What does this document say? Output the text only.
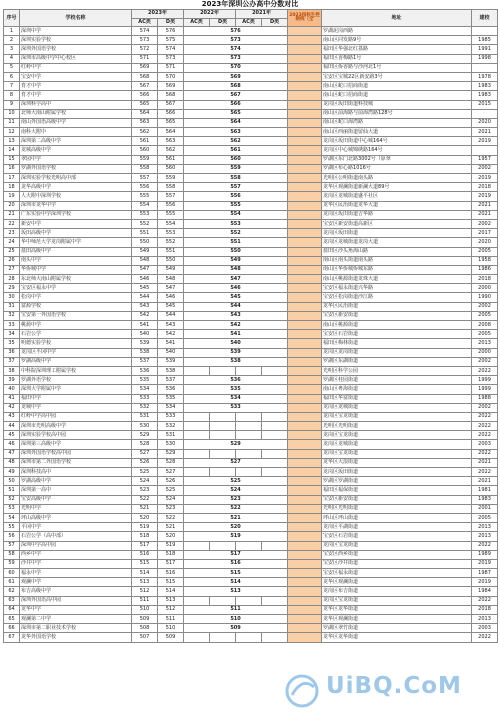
2023年深圳公办高中分数对比
序号	学校名称	2023年		2022年		2021年		2023指标生控制线（全	地址	建校
		AC类	D类	AC类	D类	AC类	D类			
1	深圳中学	574	576	576					罗湖泥岗西路	
2	深圳实验学校	573	575	573					南山区同发路9号	1985
3	深圳外国语学校	572	574	574					福田区华强北红荔路	1991
4	深圳市高级中学中心校区	571	573	573					福田区香梅路1号	1998
5	红岭中学	569	571	570					福田区侨香路与沙河北1号	
6	宝安中学	568	570	569					宝安区宝城22区新安路3号	1978
7	育才中学	567	569	568					南山区蛇口招商街道	1983
8	育才中学	566	568	567					南山区蛇口招商街道	1983
9	深圳科学高中	565	567	566					龙岗区坂田街道科技城	2015
10	北师大南山附属学校	564	566	565					南山区前海路与前海湾路128号	
11	南山外国语高级中学	563	565	564					南山区蛇口海湾路	2020
12	南科大附中	562	564	563					南山区西丽街道留仙大道	2021
13	深圳第二高级中学	561	563	562					龙岗区坂田街道中心城164号	2019
14	龙城高级中学	560	562	561					龙岗区中心城锦绣路164号	
15	翠园中学	559	561	560					罗湖区东门北路3002号（原翠	1957
16	罗湖外国语学校	558	560	559					罗湖区布心路1016号	2002
17	深圳实验学校光明高中部	557	559	558					光明区公明街道南头路	2019
18	龙华高级中学	556	558	557					龙华区观澜街道新澜大道89号	2018
19	人大附中深圳学校	555	557	556					龙岗区龙城街道盛平社区	2019
20	深圳市龙华中学	554	556	555					龙华区民治街道龙华大道	2021
21	广东实验中学深圳学校	553	555	554					龙岗区坂田街道吉华路	2021
22	新安中学	552	554	553					宝安区新安街道高新区	2002
23	坂田高级中学	551	553	552					龙岗区坂田街道	2017
24	华中师范大学龙岗附属中学	550	552	551					龙岗区龙城街道龙岗大道	2020
25	盐田高级中学	549	551	550					盐田区沙头角海山路	2005
26	南头中学	548	550	549					南山区南头街道南头路	1958
27	华侨城中学	547	549	548					南山区华侨城侨城东路	1986
28	东北师大南山附属学校	546	548	547					南山区桃源街道龙珠大道	2018
29	宝安区福永中学	545	547	546					宝安区福永街道兴华路	2000
30	松岗中学	544	546	545					宝安区松岗街道沙江路	1990
31	富源学校	543	545	544					龙华区民治街道	2002
32	宝安第一外国语学校	542	544	543					宝安区新安街道	2005
33	桃源中学	541	543	542					南山区桃源街道	2008
34	石岩公学	540	542	541					宝安区石岩街道	2005
35	明德实验学校	539	541	540					福田区梅林街道	2013
36	龙岗区平冈中学	538	540	539					龙岗区龙岗街道	2000
37	罗湖高级中学	537	539	538					罗湖区东湖街道	2002
38	中科院深圳理工附属学校	536	538						光明区科学公园	2022
39	罗湖外语学校	535	537	536					罗湖区桂园街道	1999
40	深圳大学附属中学	534	536	535					南山区粤海街道	1999
41	福田中学	533	535	534					福田区华富街道	1988
42	龙城中学	532	534	533					龙岗区龙城街道	2002
43	红岭中学高中园	531	533						龙岗区宝龙街道	2022
44	深圳市光明高级中学	530	532						光明区光明街道	2022
45	深圳实验学校高中园	529	531						龙岗区宝龙街道	2022
46	深圳第三高级中学	528	530	529					龙岗区龙城街道	2003
47	深圳外国语学校高中园	527	529						龙岗区宝龙街道	2022
48	深圳市第二外国语学校	526	528	527					龙华区大浪街道	2021
49	深圳科技高中	525	527						龙岗区坂田街道	2022
50	罗湖高级中学	524	526	525					罗湖区罗湖街道	2021
51	深圳第一高中	523	525	524					福田区福保街道	1981
52	宝安高级中学	522	524	523					宝安区新安街道	1983
53	光明中学	521	523	522					光明区光明街道	2001
54	坪山高级中学	520	522	521					坪山区坪山街道	2005
55	平冈中学	519	521	520					龙岗区平湖街道	2013
56	石岩公学（高中部）	518	520	519					宝安区石岩街道	2013
57	深圳中学高中园	517	519						龙岗区宝龙街道	2022
58	西乡中学	516	518	517					宝安区西乡街道	1989
59	沙井中学	515	517	516					宝安区沙井街道	2019
60	福永中学	514	516	515					宝安区福永街道	1987
61	观澜中学	513	515	514					龙华区观澜街道	2019
62	布吉高级中学	512	514	513					龙岗区布吉街道	1984
63	深圳外国语高中园	511	513						龙岗区宝龙街道	2022
64	龙华中学	510	512	511					龙华区龙华街道	2018
65	观澜第二中学	509	511	510					龙华区观澜街道	2013
66	深圳市第二职业技术学校	508	510	509					罗湖区翠竹街道	2003
67	龙华外国语学校	507	509						龙华区龙华街道	2022
UiBQ.CoM
